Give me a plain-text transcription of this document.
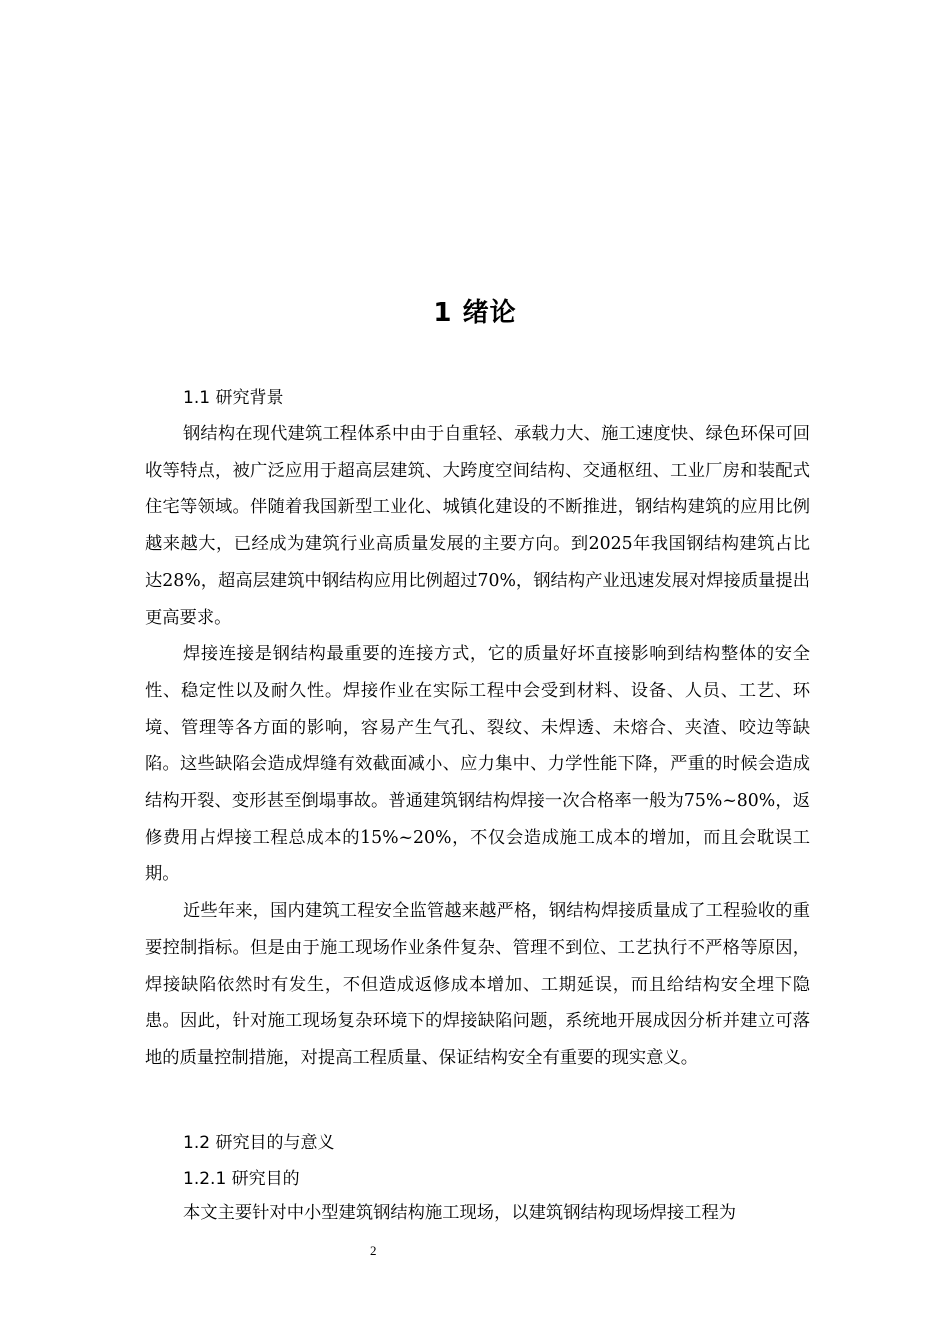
1 绪论
1.1 研究背景

钢结构在现代建筑工程体系中由于自重轻、承载力大、施工速度快、绿色环保可回收等特点，被广泛应用于超高层建筑、大跨度空间结构、交通枢纽、工业厂房和装配式住宅等领域。伴随着我国新型工业化、城镇化建设的不断推进，钢结构建筑的应用比例越来越大，已经成为建筑行业高质量发展的主要方向。到2025年我国钢结构建筑占比达28%，超高层建筑中钢结构应用比例超过70%，钢结构产业迅速发展对焊接质量提出更高要求。

焊接连接是钢结构最重要的连接方式，它的质量好坏直接影响到结构整体的安全性、稳定性以及耐久性。焊接作业在实际工程中会受到材料、设备、人员、工艺、环境、管理等各方面的影响，容易产生气孔、裂纹、未焊透、未熔合、夹渣、咬边等缺陷。这些缺陷会造成焊缝有效截面减小、应力集中、力学性能下降，严重的时候会造成结构开裂、变形甚至倒塌事故。普通建筑钢结构焊接一次合格率一般为75%~80%，返修费用占焊接工程总成本的15%~20%，不仅会造成施工成本的增加，而且会耽误工期。

近些年来，国内建筑工程安全监管越来越严格，钢结构焊接质量成了工程验收的重要控制指标。但是由于施工现场作业条件复杂、管理不到位、工艺执行不严格等原因，焊接缺陷依然时有发生，不但造成返修成本增加、工期延误，而且给结构安全埋下隐患。因此，针对施工现场复杂环境下的焊接缺陷问题，系统地开展成因分析并建立可落地的质量控制措施，对提高工程质量、保证结构安全有重要的现实意义。

1.2 研究目的与意义
1.2.1 研究目的

本文主要针对中小型建筑钢结构施工现场，以建筑钢结构现场焊接工程为

2
